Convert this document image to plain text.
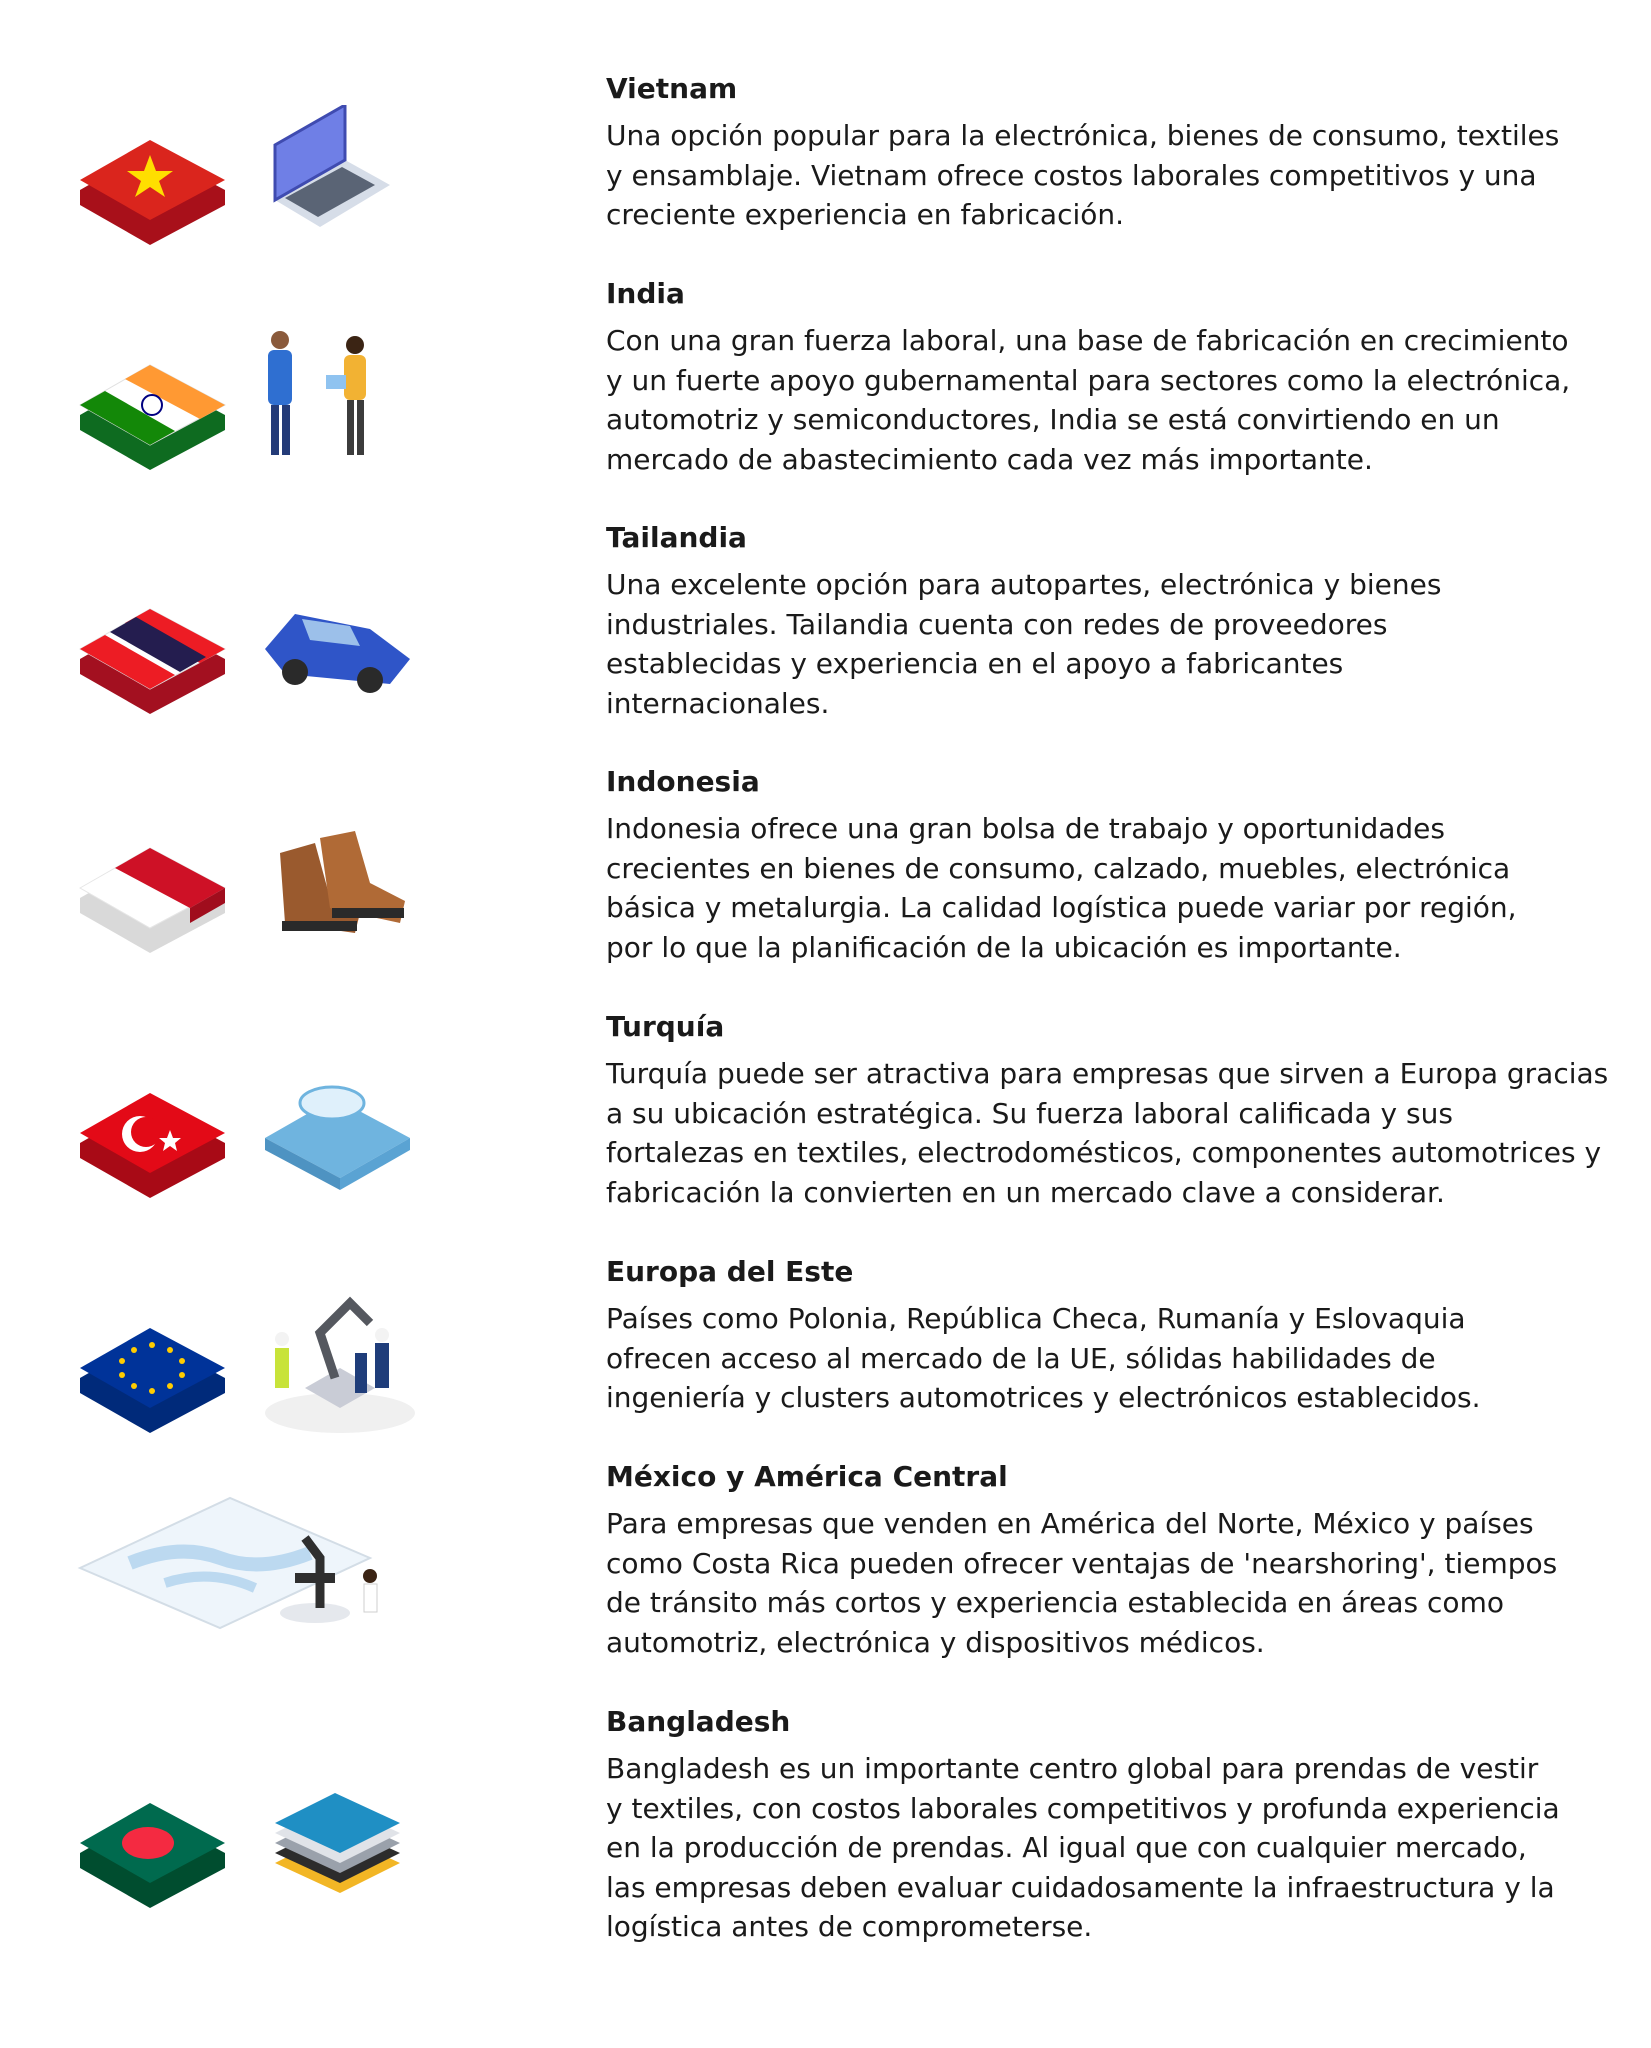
Vietnam

Una opción popular para la electrónica, bienes de consumo, textiles

y ensamblaje. Vietnam ofrece costos laborales competitivos y una

creciente experiencia en fabricación.

India

Con una gran fuerza laboral, una base de fabricación en crecimiento

y un fuerte apoyo gubernamental para sectores como la electrónica,

automotriz y semiconductores, India se está convirtiendo en un

mercado de abastecimiento cada vez más importante.

Tailandia

Una excelente opción para autopartes, electrónica y bienes

industriales. Tailandia cuenta con redes de proveedores

establecidas y experiencia en el apoyo a fabricantes

internacionales.

Indonesia

Indonesia ofrece una gran bolsa de trabajo y oportunidades

crecientes en bienes de consumo, calzado, muebles, electrónica

básica y metalurgia. La calidad logística puede variar por región,

por lo que la planificación de la ubicación es importante.

Turquía

Turquía puede ser atractiva para empresas que sirven a Europa gracias

a su ubicación estratégica. Su fuerza laboral calificada y sus

fortalezas en textiles, electrodomésticos, componentes automotrices y

fabricación la convierten en un mercado clave a considerar.

Europa del Este

Países como Polonia, República Checa, Rumanía y Eslovaquia

ofrecen acceso al mercado de la UE, sólidas habilidades de

ingeniería y clusters automotrices y electrónicos establecidos.

México y América Central

Para empresas que venden en América del Norte, México y países

como Costa Rica pueden ofrecer ventajas de 'nearshoring', tiempos

de tránsito más cortos y experiencia establecida en áreas como

automotriz, electrónica y dispositivos médicos.

Bangladesh

Bangladesh es un importante centro global para prendas de vestir

y textiles, con costos laborales competitivos y profunda experiencia

en la producción de prendas. Al igual que con cualquier mercado,

las empresas deben evaluar cuidadosamente la infraestructura y la

logística antes de comprometerse.
